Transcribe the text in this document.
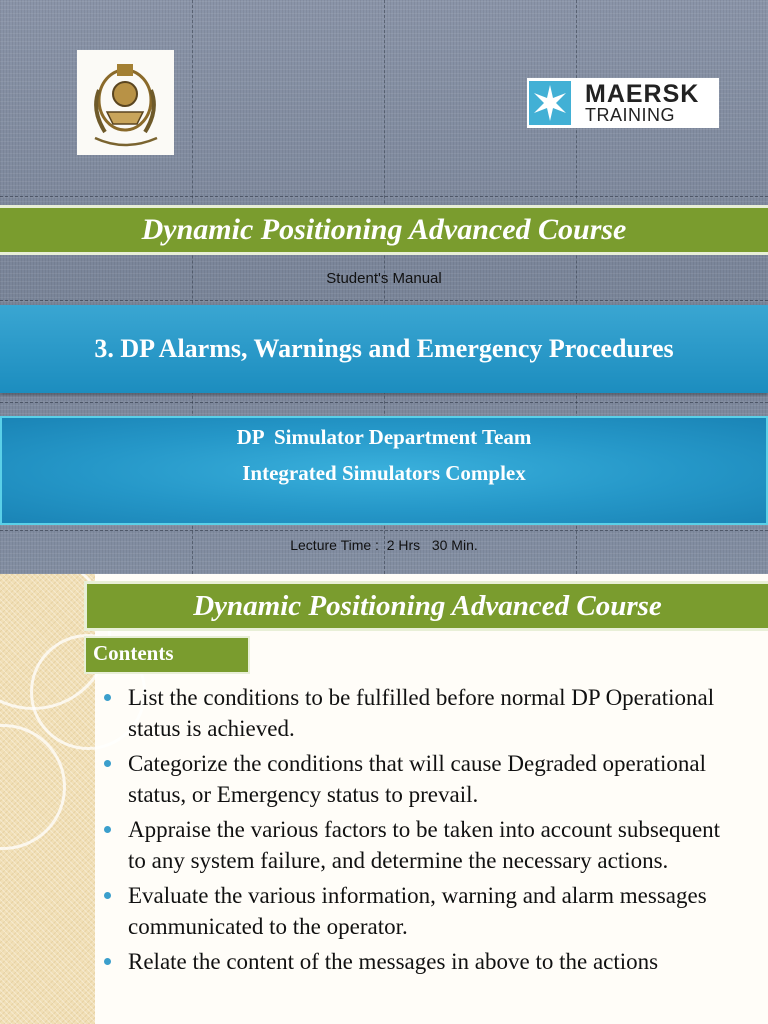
MAERSK
TRAINING
Dynamic Positioning Advanced Course
Student's Manual
3. DP Alarms, Warnings and Emergency Procedures
DP  Simulator Department Team
Integrated Simulators Complex
Lecture Time :  2 Hrs   30 Min.
Dynamic Positioning Advanced Course
Contents
List the conditions to be fulfilled before normal DP Operational status is achieved.
Categorize the conditions that will cause Degraded operational status, or Emergency status to prevail.
Appraise the various factors to be taken into account subsequent to any system failure, and determine the necessary actions.
Evaluate the various information, warning and alarm messages communicated to the operator.
Relate the content of the messages in above to the actions
